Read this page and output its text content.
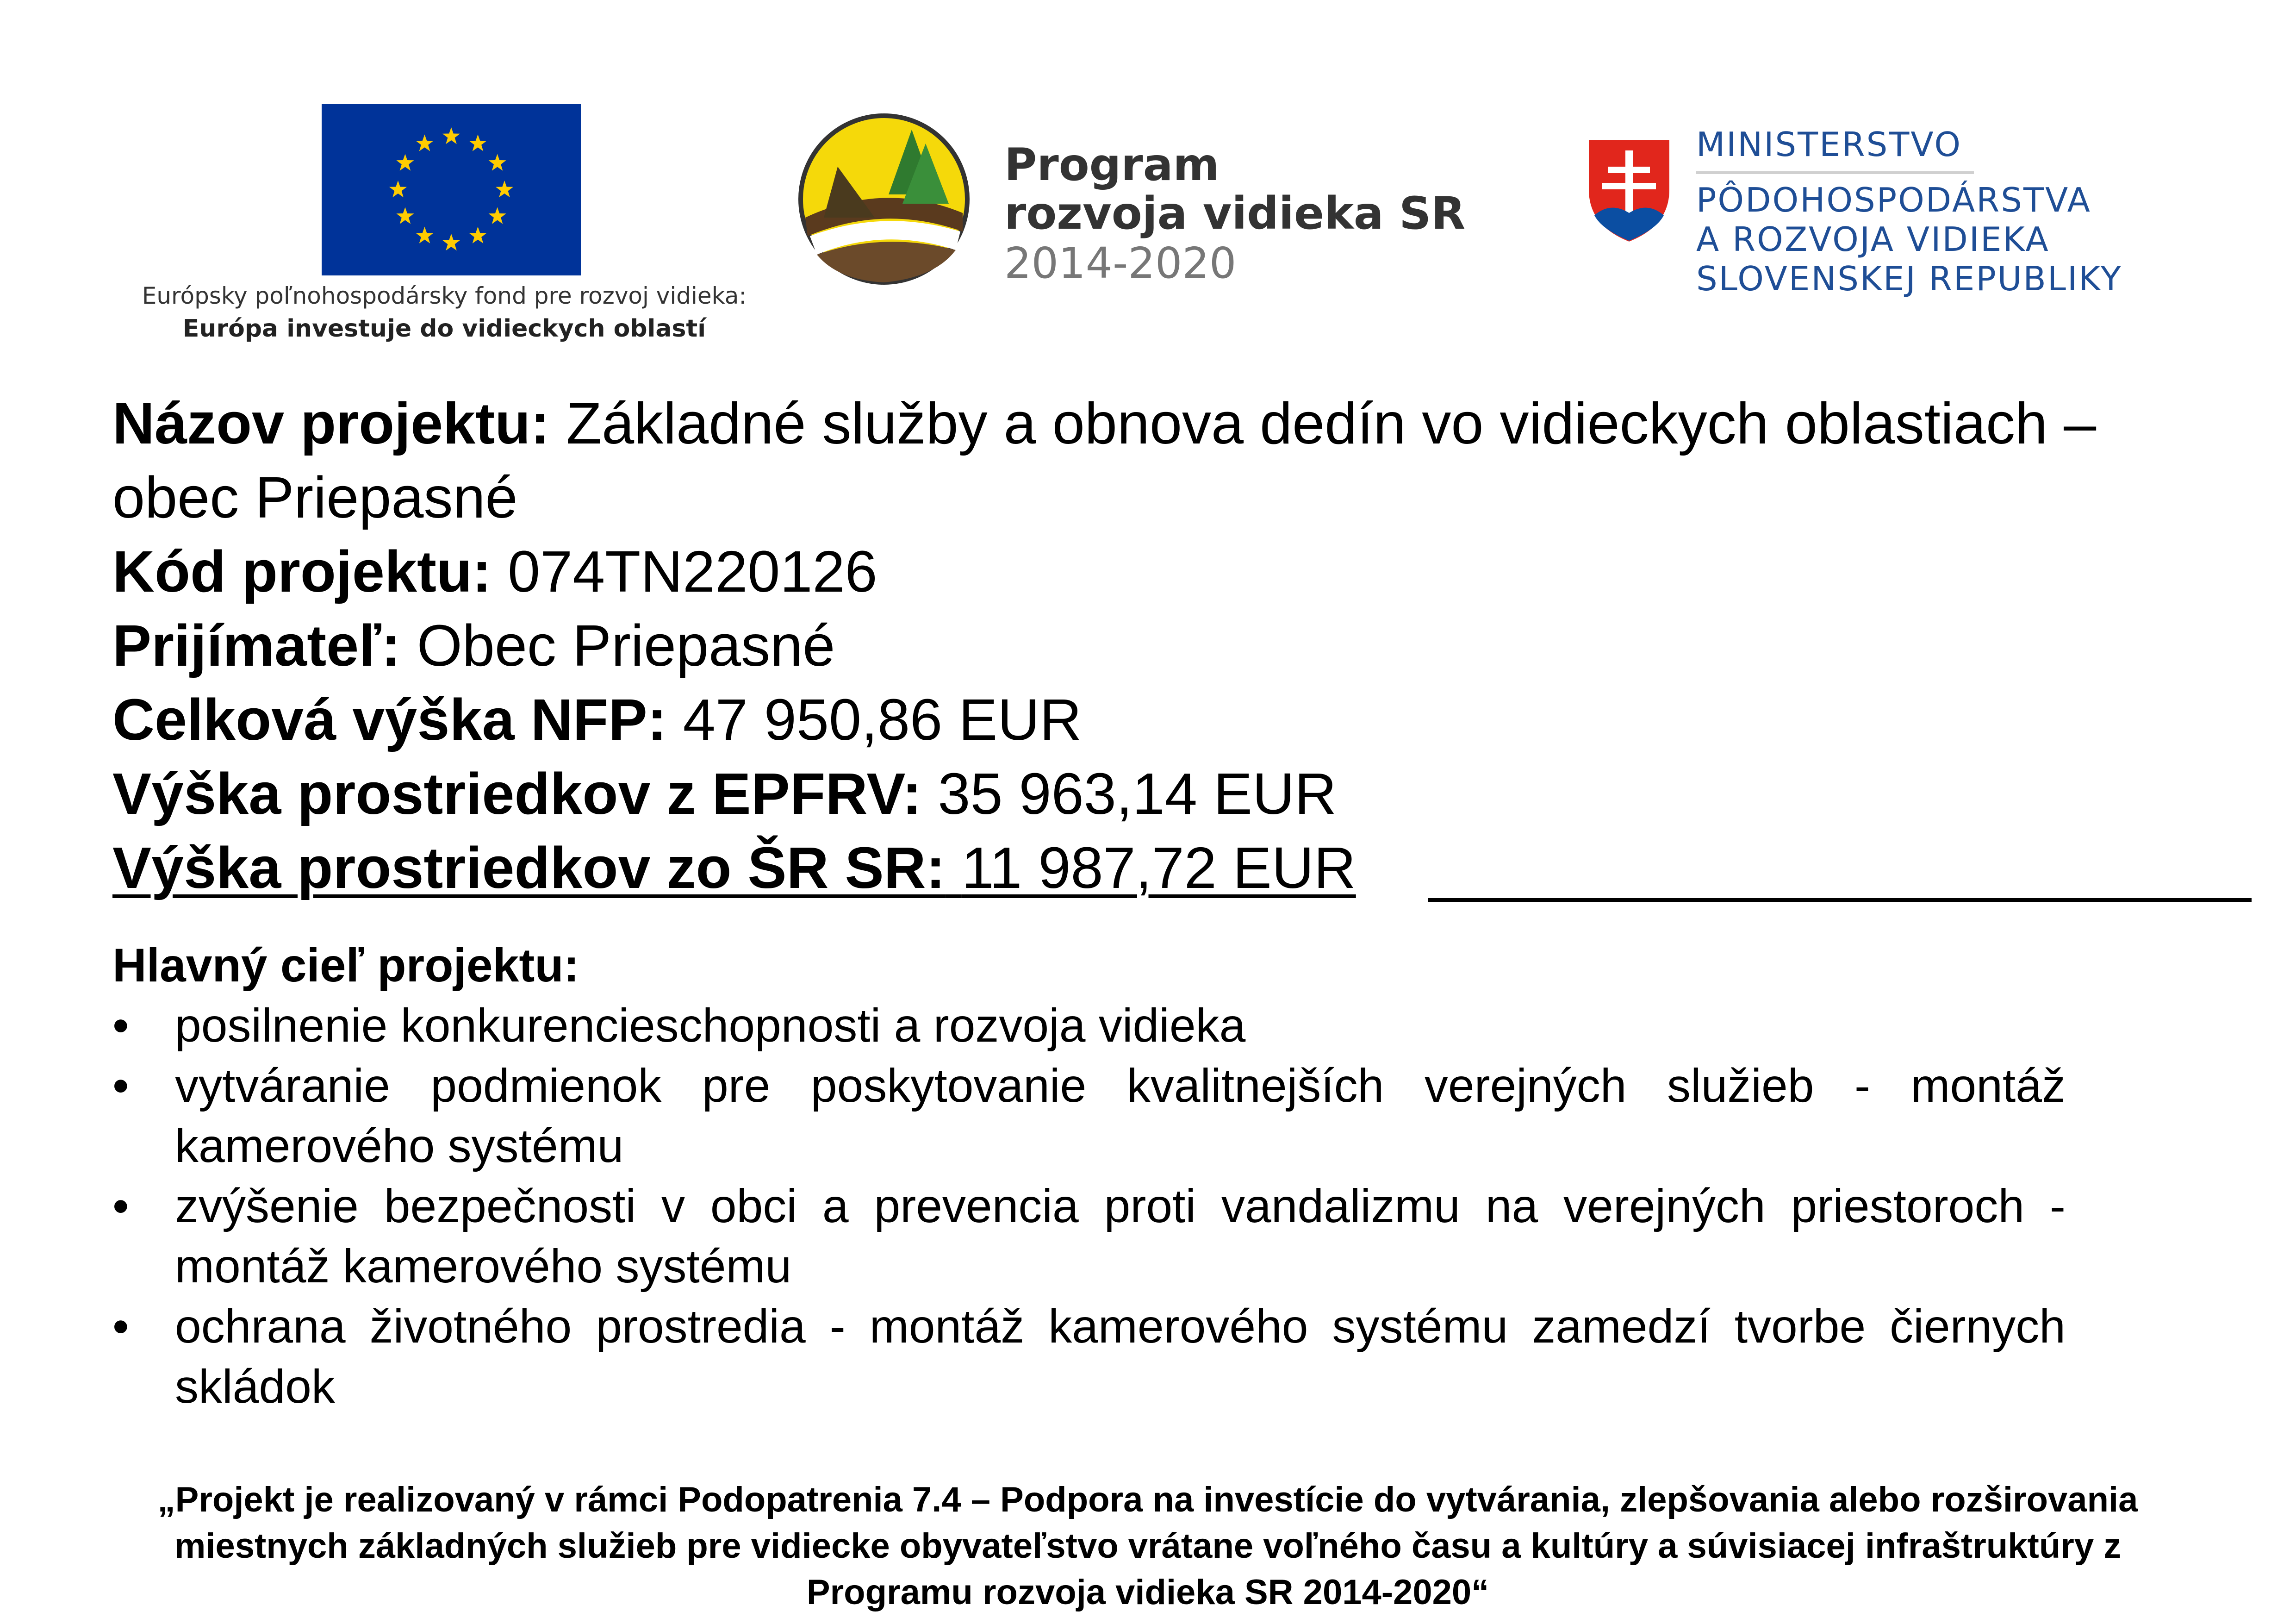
Európsky poľnohospodársky fond pre rozvoj vidieka:
Európa investuje do vidieckych oblastí
Program
rozvoja vidieka SR
2014-2020
MINISTERSTVO
PÔDOHOSPODÁRSTVA
A ROZVOJA VIDIEKA
SLOVENSKEJ REPUBLIKY
Názov projektu: Základné služby a obnova dedín vo vidieckych oblastiach –
obec Priepasné
Kód projektu: 074TN220126
Prijímateľ: Obec Priepasné
Celková výška NFP: 47 950,86 EUR
Výška prostriedkov z EPFRV: 35 963,14 EUR
Výška prostriedkov zo ŠR SR: 11 987,72 EUR
Hlavný cieľ projektu:
• posilnenie konkurencieschopnosti a rozvoja vidieka
• vytváranie podmienok pre poskytovanie kvalitnejších verejných služieb - montáž kamerového systému
• zvýšenie bezpečnosti v obci a prevencia proti vandalizmu na verejných priestoroch - montáž kamerového systému
• ochrana životného prostredia - montáž kamerového systému zamedzí tvorbe čiernych skládok
„Projekt je realizovaný v rámci Podopatrenia 7.4 – Podpora na investície do vytvárania, zlepšovania alebo rozširovania
miestnych základných služieb pre vidiecke obyvateľstvo vrátane voľného času a kultúry a súvisiacej infraštruktúry z
Programu rozvoja vidieka SR 2014-2020“
